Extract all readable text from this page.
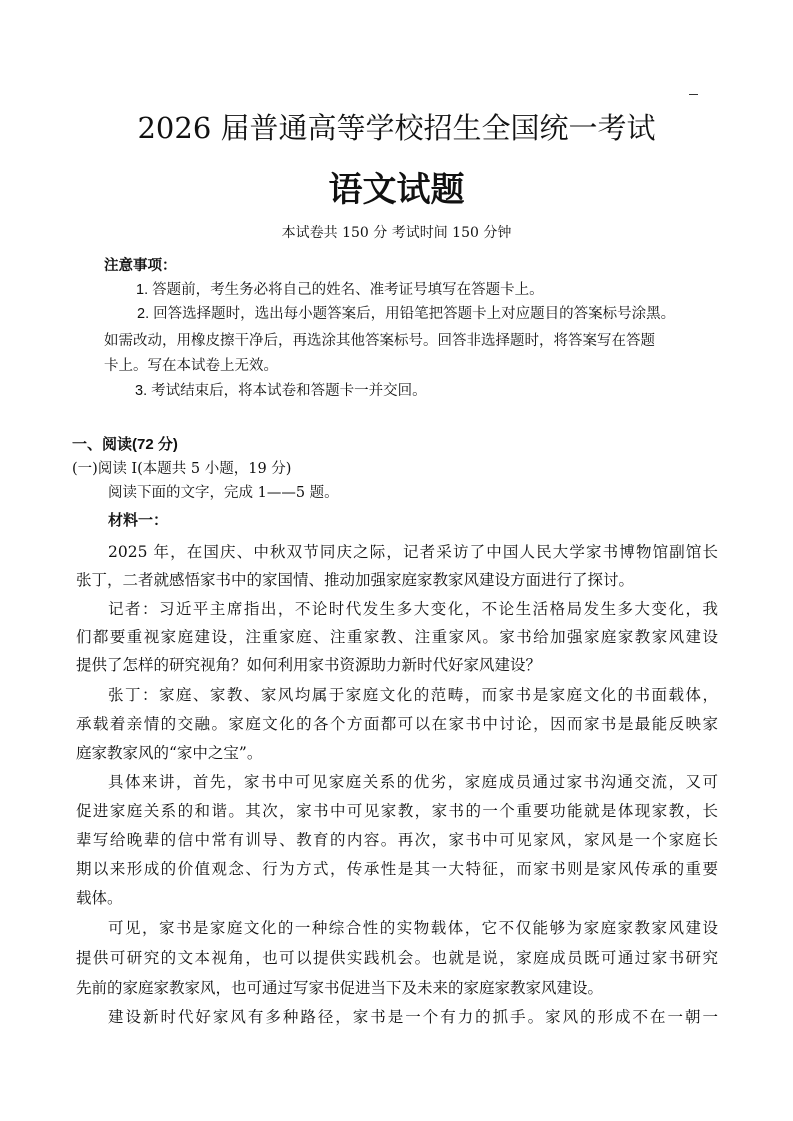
2026 届普通高等学校招生全国统一考试
语文试题
本试卷共 150 分 考试时间 150 分钟
注意事项：
1. 答题前，考生务必将自己的姓名、准考证号填写在答题卡上。
2. 回答选择题时，选出每小题答案后，用铅笔把答题卡上对应题目的答案标号涂黑。
如需改动，用橡皮擦干净后，再选涂其他答案标号。回答非选择题时，将答案写在答题
卡上。写在本试卷上无效。
3. 考试结束后，将本试卷和答题卡一并交回。
一、阅读(72 分)
(一)阅读 Ⅰ(本题共 5 小题，19 分)
阅读下面的文字，完成 1——5 题。
材料一：
2025 年，在国庆、中秋双节同庆之际，记者采访了中国人民大学家书博物馆副馆长
张丁，二者就感悟家书中的家国情、推动加强家庭家教家风建设方面进行了探讨。
记者：习近平主席指出，不论时代发生多大变化，不论生活格局发生多大变化，我
们都要重视家庭建设，注重家庭、注重家教、注重家风。家书给加强家庭家教家风建设
提供了怎样的研究视角？如何利用家书资源助力新时代好家风建设？
张丁：家庭、家教、家风均属于家庭文化的范畴，而家书是家庭文化的书面载体，
承载着亲情的交融。家庭文化的各个方面都可以在家书中讨论，因而家书是最能反映家
庭家教家风的“家中之宝”。
具体来讲，首先，家书中可见家庭关系的优劣，家庭成员通过家书沟通交流，又可
促进家庭关系的和谐。其次，家书中可见家教，家书的一个重要功能就是体现家教，长
辈写给晚辈的信中常有训导、教育的内容。再次，家书中可见家风，家风是一个家庭长
期以来形成的价值观念、行为方式，传承性是其一大特征，而家书则是家风传承的重要
载体。
可见，家书是家庭文化的一种综合性的实物载体，它不仅能够为家庭家教家风建设
提供可研究的文本视角，也可以提供实践机会。也就是说，家庭成员既可通过家书研究
先前的家庭家教家风，也可通过写家书促进当下及未来的家庭家教家风建设。
建设新时代好家风有多种路径，家书是一个有力的抓手。家风的形成不在一朝一
